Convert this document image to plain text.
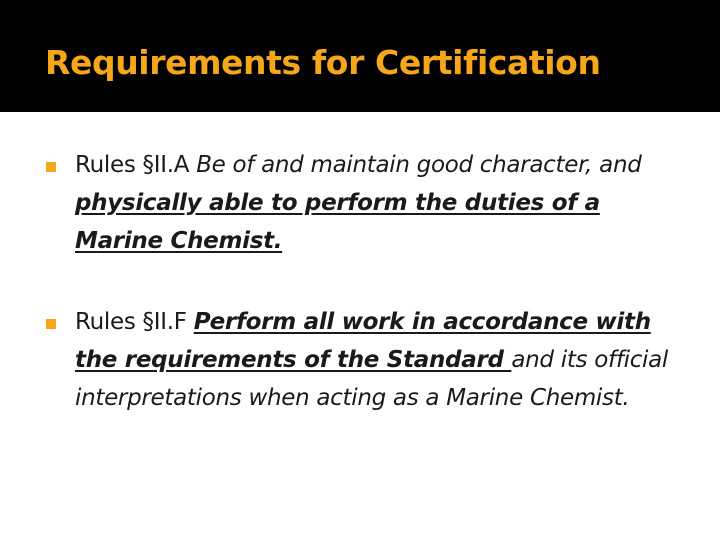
Requirements for Certification
Rules §II.A Be of and maintain good character, and physically able to perform the duties of a Marine Chemist.
Rules §II.F Perform all work in accordance with the requirements of the Standard and its official interpretations when acting as a Marine Chemist.
